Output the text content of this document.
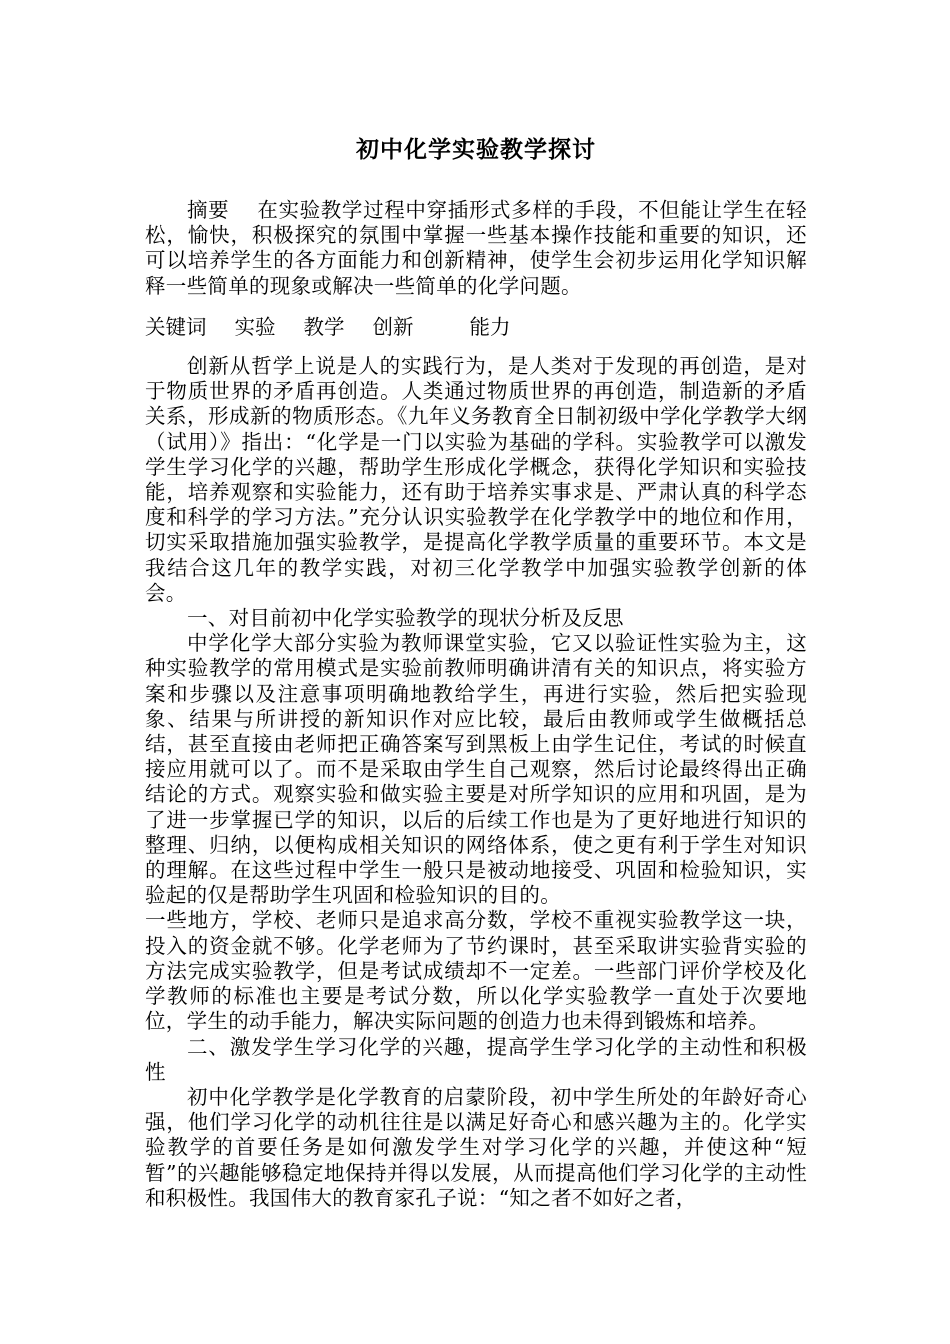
初中化学实验教学探讨

摘要 在实验教学过程中穿插形式多样的手段，不但能让学生在轻松，愉快，积极探究的氛围中掌握一些基本操作技能和重要的知识，还可以培养学生的各方面能力和创新精神，使学生会初步运用化学知识解释一些简单的现象或解决一些简单的化学问题。

关键词 实验 教学 创新	能力

创新从哲学上说是人的实践行为，是人类对于发现的再创造，是对于物质世界的矛盾再创造。人类通过物质世界的再创造，制造新的矛盾关系，形成新的物质形态。《九年义务教育全日制初级中学化学教学大纲（试用）》指出：“化学是一门以实验为基础的学科。实验教学可以激发学生学习化学的兴趣，帮助学生形成化学概念，获得化学知识和实验技能，培养观察和实验能力，还有助于培养实事求是、严肃认真的科学态度和科学的学习方法。”充分认识实验教学在化学教学中的地位和作用，切实采取措施加强实验教学，是提高化学教学质量的重要环节。本文是我结合这几年的教学实践，对初三化学教学中加强实验教学创新的体会。

一、对目前初中化学实验教学的现状分析及反思

中学化学大部分实验为教师课堂实验，它又以验证性实验为主，这种实验教学的常用模式是实验前教师明确讲清有关的知识点，将实验方案和步骤以及注意事项明确地教给学生，再进行实验，然后把实验现象、结果与所讲授的新知识作对应比较，最后由教师或学生做概括总结，甚至直接由老师把正确答案写到黑板上由学生记住，考试的时候直接应用就可以了。而不是采取由学生自己观察，然后讨论最终得出正确结论的方式。观察实验和做实验主要是对所学知识的应用和巩固，是为了进一步掌握已学的知识，以后的后续工作也是为了更好地进行知识的整理、归纳，以便构成相关知识的网络体系，使之更有利于学生对知识的理解。在这些过程中学生一般只是被动地接受、巩固和检验知识，实验起的仅是帮助学生巩固和检验知识的目的。

一些地方，学校、老师只是追求高分数，学校不重视实验教学这一块，投入的资金就不够。化学老师为了节约课时，甚至采取讲实验背实验的方法完成实验教学，但是考试成绩却不一定差。一些部门评价学校及化学教师的标准也主要是考试分数，所以化学实验教学一直处于次要地位，学生的动手能力，解决实际问题的创造力也未得到锻炼和培养。

二、激发学生学习化学的兴趣，提高学生学习化学的主动性和积极性

初中化学教学是化学教育的启蒙阶段，初中学生所处的年龄好奇心强，他们学习化学的动机往往是以满足好奇心和感兴趣为主的。化学实验教学的首要任务是如何激发学生对学习化学的兴趣，并使这种“短暂”的兴趣能够稳定地保持并得以发展，从而提高他们学习化学的主动性和积极性。我国伟大的教育家孔子说：“知之者不如好之者，
